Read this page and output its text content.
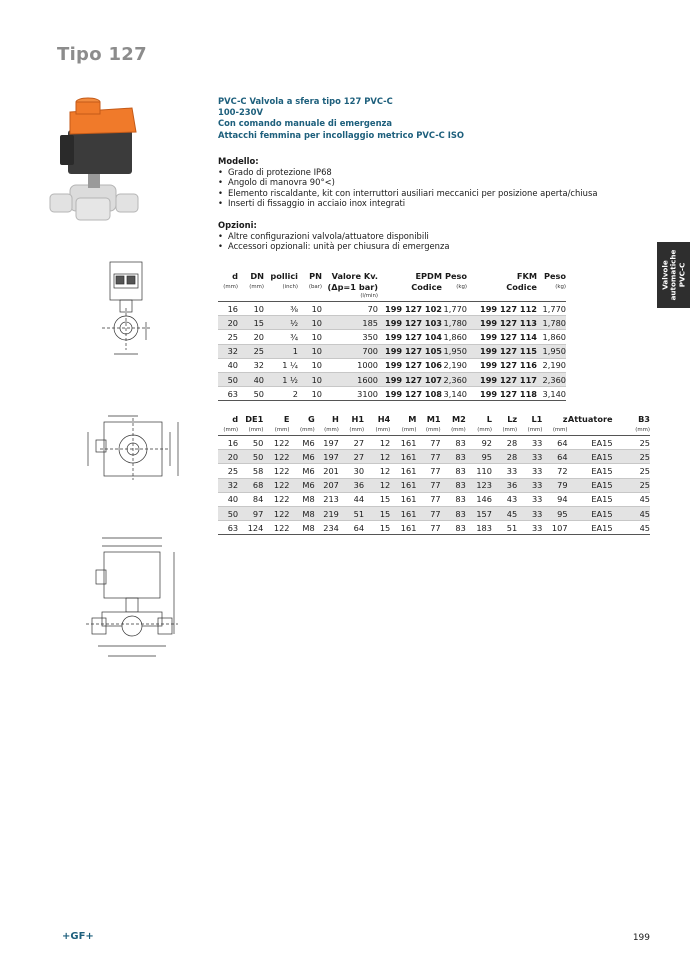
Tipo 127
PVC-C Valvola a sfera tipo 127 PVC-C
100-230V
Con comando manuale di emergenza
Attacchi femmina per incollaggio metrico PVC-C ISO
Modello:
• Grado di protezione IP68
• Angolo di manovra 90°<)
• Elemento riscaldante, kit con interruttori ausiliari meccanici per posizione aperta/chiusa
• Inserti di fissaggio in acciaio inox integrati
Opzioni:
• Altre configurazioni valvola/attuatore disponibili
• Accessori opzionali: unità per chiusura di emergenza
Valvole automatiche PVC-C
d	DN	pollici	PN	Valore Kv.	EPDM	Peso	FKM	Peso
(mm)	(mm)	(inch)	(bar)	(Δp=1 bar)	Codice	(kg)	Codice	(kg)
				(l/min)				
16	10	⅜	10	70	199 127 102	1,770	199 127 112	1,770
20	15	½	10	185	199 127 103	1,780	199 127 113	1,780
25	20	¾	10	350	199 127 104	1,860	199 127 114	1,860
32	25	1	10	700	199 127 105	1,950	199 127 115	1,950
40	32	1 ¼	10	1000	199 127 106	2,190	199 127 116	2,190
50	40	1 ½	10	1600	199 127 107	2,360	199 127 117	2,360
63	50	2	10	3100	199 127 108	3,140	199 127 118	3,140
d	DE1	E	G	H	H1	H4	M	M1	M2	L	Lz	L1	z	Attuatore	B3
(mm)	(mm)	(mm)	(mm)	(mm)	(mm)	(mm)	(mm)	(mm)	(mm)	(mm)	(mm)	(mm)	(mm)		(mm)
16	50	122	M6	197	27	12	161	77	83	92	28	33	64	EA15	25
20	50	122	M6	197	27	12	161	77	83	95	28	33	64	EA15	25
25	58	122	M6	201	30	12	161	77	83	110	33	33	72	EA15	25
32	68	122	M6	207	36	12	161	77	83	123	36	33	79	EA15	25
40	84	122	M8	213	44	15	161	77	83	146	43	33	94	EA15	45
50	97	122	M8	219	51	15	161	77	83	157	45	33	95	EA15	45
63	124	122	M8	234	64	15	161	77	83	183	51	33	107	EA15	45
+GF+	199
